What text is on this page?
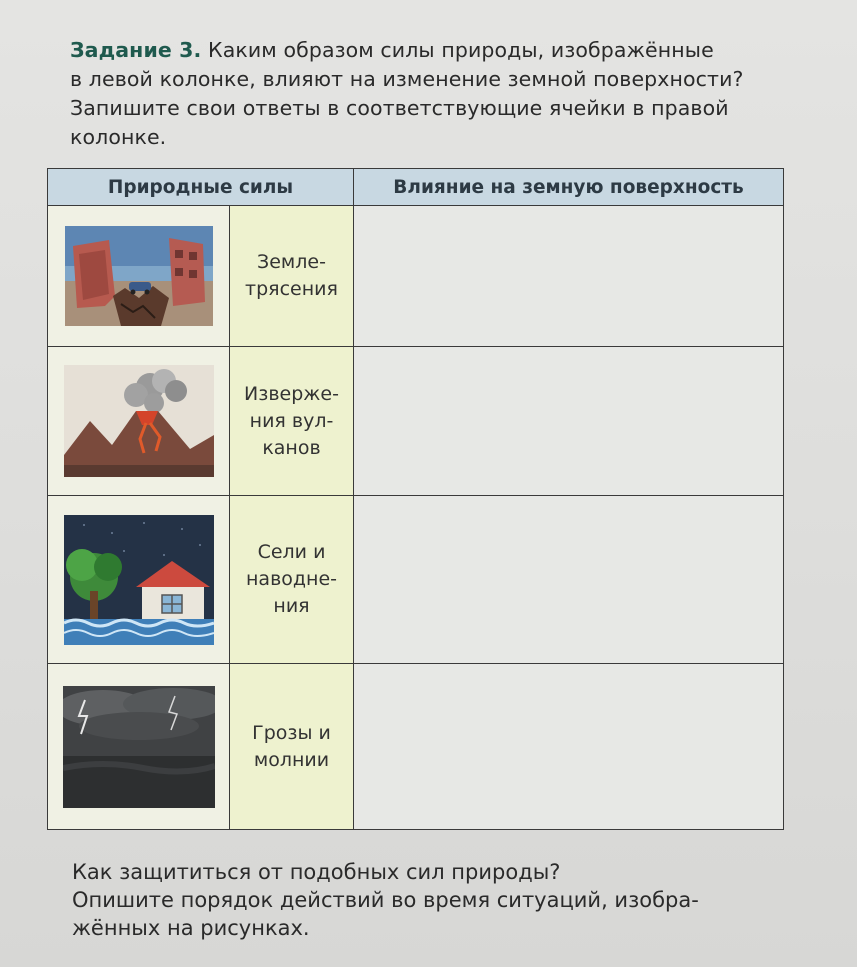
Задание 3. Каким образом силы природы, изображённые
в левой колонке, влияют на изменение земной поверхности?
Запишите свои ответы в соответствующие ячейки в правой
колонке.
Природные силы		Влияние на земную поверхность

Земле-
трясения	

Изверже-
ния вул-
канов	

Сели и
наводне-
ния	

Грозы и
молнии	

Как защититься от подобных сил природы?

Опишите порядок действий во время ситуаций, изобра-

жённых на рисунках.
